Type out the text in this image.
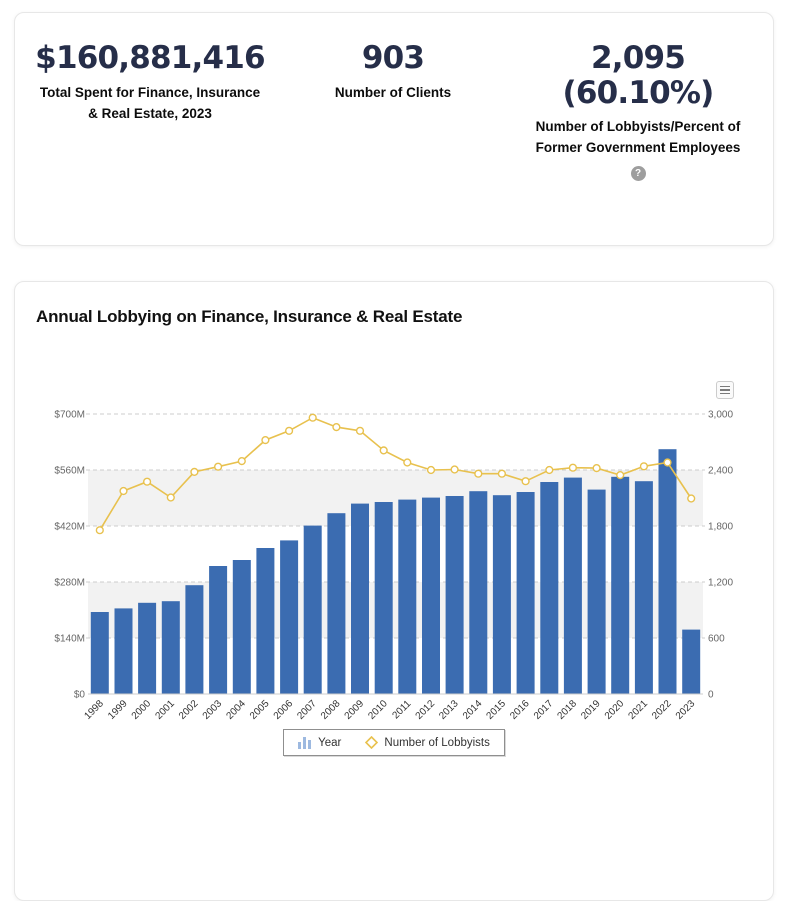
$160,881,416
Total Spent for Finance, Insurance
& Real Estate, 2023
903
Number of Clients
2,095
(60.10%)
Number of Lobbyists/Percent of
Former Government Employees
?
Annual Lobbying on Finance, Insurance & Real Estate
$0
$140M
$280M
$420M
$560M
$700M
0
600
1,200
1,800
2,400
3,000
1998 1999 2000 2001 2002 2003 2004 2005 2006 2007 2008 2009 2010 2011 2012 2013 2014 2015 2016 2017 2018 2019 2020 2021 2022 2023
Year	Number of Lobbyists
